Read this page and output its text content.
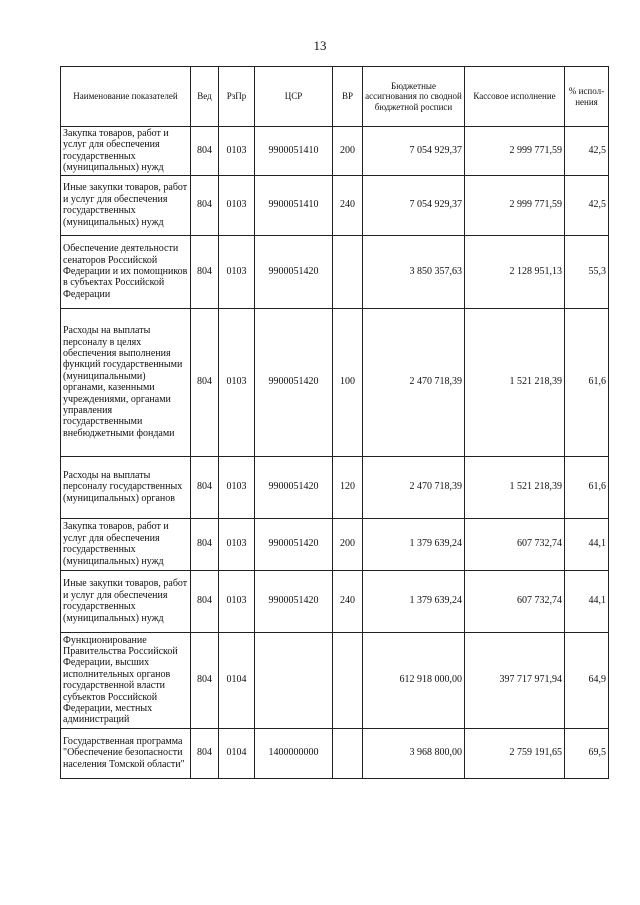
13
Наименование показателей	Вед	РзПр	ЦСР	ВР	Бюджетные ассигнования по сводной бюджетной росписи	Кассовое исполнение	% испол-нения
Закупка товаров, работ и услуг для обеспечения государственных (муниципальных) нужд	804	0103	9900051410	200	7 054 929,37	2 999 771,59	42,5
Иные закупки товаров, работ и услуг для обеспечения государственных (муниципальных) нужд	804	0103	9900051410	240	7 054 929,37	2 999 771,59	42,5
Обеспечение деятельности сенаторов Российской Федерации и их помощников в субъектах Российской Федерации	804	0103	9900051420		3 850 357,63	2 128 951,13	55,3
Расходы на выплаты персоналу в целях обеспечения выполнения функций государственными (муниципальными) органами, казенными учреждениями, органами управления государственными внебюджетными фондами	804	0103	9900051420	100	2 470 718,39	1 521 218,39	61,6
Расходы на выплаты персоналу государственных (муниципальных) органов	804	0103	9900051420	120	2 470 718,39	1 521 218,39	61,6
Закупка товаров, работ и услуг для обеспечения государственных (муниципальных) нужд	804	0103	9900051420	200	1 379 639,24	607 732,74	44,1
Иные закупки товаров, работ и услуг для обеспечения государственных (муниципальных) нужд	804	0103	9900051420	240	1 379 639,24	607 732,74	44,1
Функционирование Правительства Российской Федерации, высших исполнительных органов государственной власти субъектов Российской Федерации, местных администраций	804	0104			612 918 000,00	397 717 971,94	64,9
Государственная программа "Обеспечение безопасности населения Томской области"	804	0104	1400000000		3 968 800,00	2 759 191,65	69,5
